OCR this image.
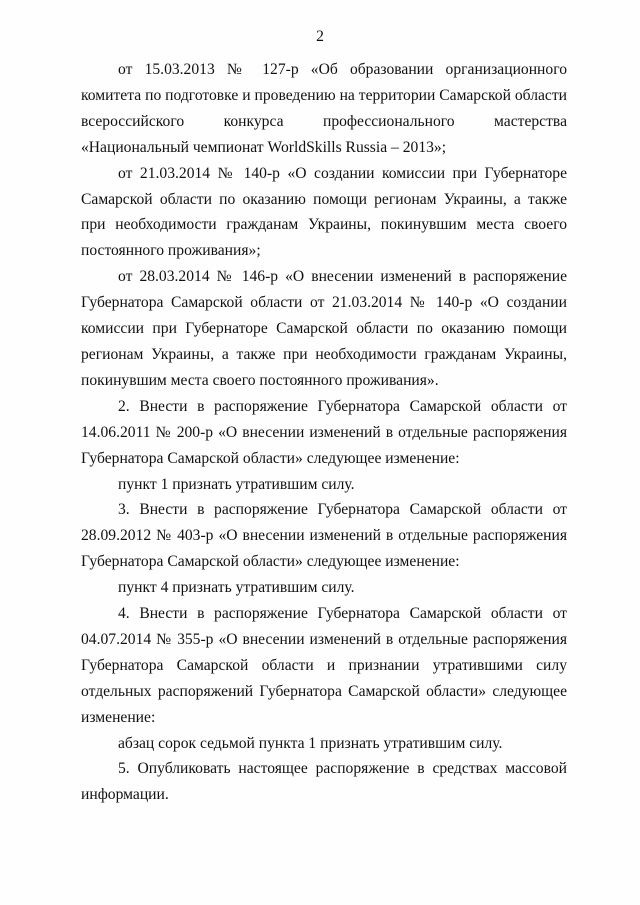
2

от 15.03.2013 № 127-р «Об образовании организационного комитета по подготовке и проведению на территории Самарской области всероссийского конкурса профессионального мастерства «Национальный чемпионат WorldSkills Russia – 2013»;

от 21.03.2014 № 140-р «О создании комиссии при Губернаторе Самарской области по оказанию помощи регионам Украины, а также при необходимости гражданам Украины, покинувшим места своего постоянного проживания»;

от 28.03.2014 № 146-р «О внесении изменений в распоряжение Губернатора Самарской области от 21.03.2014 № 140-р «О создании комиссии при Губернаторе Самарской области по оказанию помощи регионам Украины, а также при необходимости гражданам Украины, покинувшим места своего постоянного проживания».

2. Внести в распоряжение Губернатора Самарской области от 14.06.2011 № 200-р «О внесении изменений в отдельные распоряжения Губернатора Самарской области» следующее изменение:

пункт 1 признать утратившим силу.

3. Внести в распоряжение Губернатора Самарской области от 28.09.2012 № 403-р «О внесении изменений в отдельные распоряжения Губернатора Самарской области» следующее изменение:

пункт 4 признать утратившим силу.

4. Внести в распоряжение Губернатора Самарской области от 04.07.2014 № 355-р «О внесении изменений в отдельные распоряжения Губернатора Самарской области и признании утратившими силу отдельных распоряжений Губернатора Самарской области» следующее изменение:

абзац сорок седьмой пункта 1 признать утратившим силу.

5. Опубликовать настоящее распоряжение в средствах массовой информации.
